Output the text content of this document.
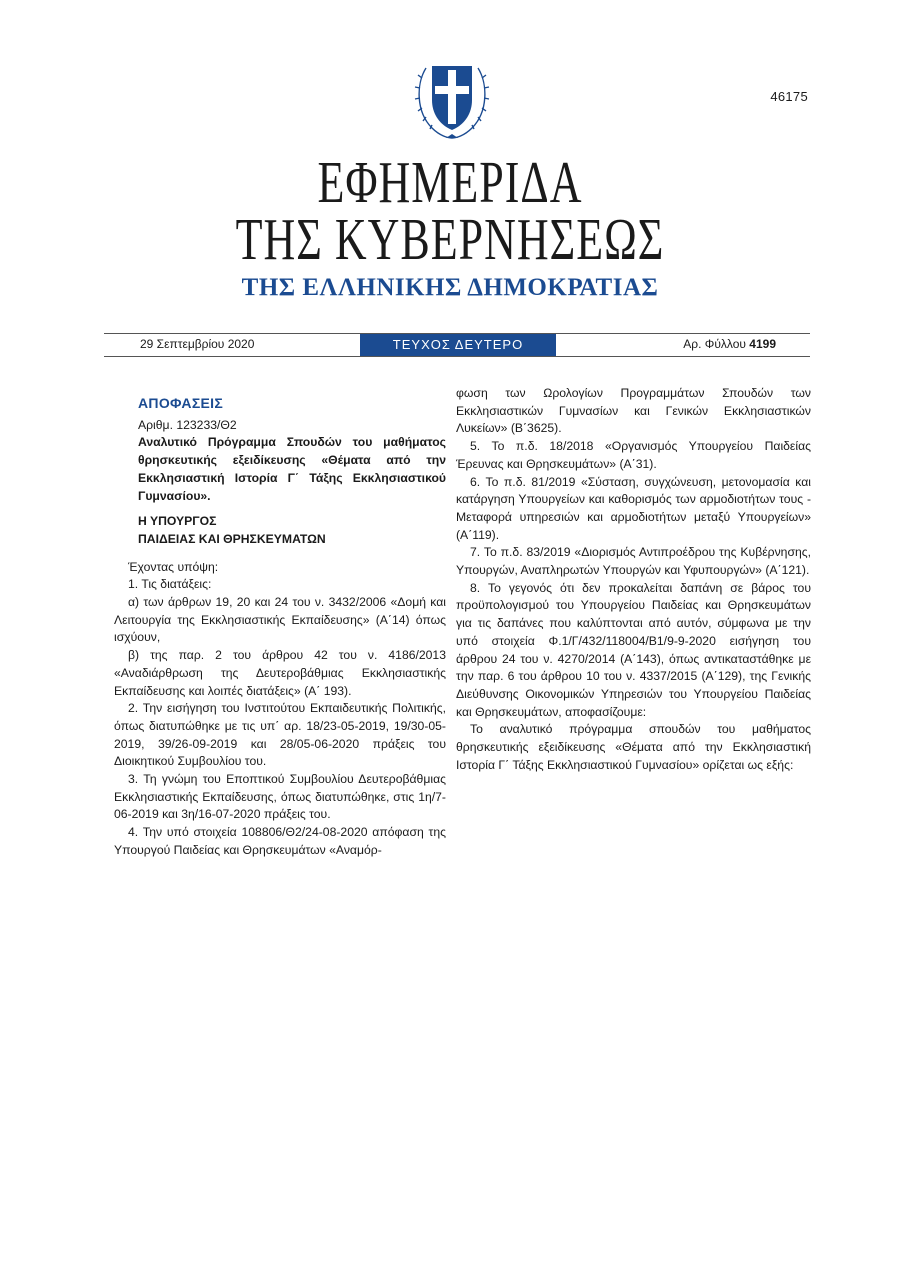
46175
ΕΦΗΜΕΡΙΔΑ
ΤΗΣ ΚΥΒΕΡΝΗΣΕΩΣ
ΤΗΣ ΕΛΛΗΝΙΚΗΣ ΔΗΜΟΚΡΑΤΙΑΣ
29 Σεπτεμβρίου 2020	ΤΕΥΧΟΣ ΔΕΥΤΕΡΟ	Αρ. Φύλλου 4199

ΑΠΟΦΑΣΕΙΣ

Αριθμ. 123233/Θ2

Αναλυτικό Πρόγραμμα Σπουδών του μαθήματος θρησκευτικής εξειδίκευσης «Θέματα από την Εκκλησιαστική Ιστορία Γ΄ Τάξης Εκκλησιαστικού Γυμνασίου».

Η ΥΠΟΥΡΓΟΣ

ΠΑΙΔΕΙΑΣ ΚΑΙ ΘΡΗΣΚΕΥΜΑΤΩΝ

Έχοντας υπόψη:

1. Τις διατάξεις:

α) των άρθρων 19, 20 και 24 του ν. 3432/2006 «Δομή και Λειτουργία της Εκκλησιαστικής Εκπαίδευσης» (Α΄14) όπως ισχύουν,

β) της παρ. 2 του άρθρου 42 του ν. 4186/2013 «Αναδιάρθρωση της Δευτεροβάθμιας Εκκλησιαστικής Εκπαίδευσης και λοιπές διατάξεις» (Α΄ 193).

2. Την εισήγηση του Ινστιτούτου Εκπαιδευτικής Πολιτικής, όπως διατυπώθηκε με τις υπ΄ αρ. 18/23-05-2019, 19/30-05-2019, 39/26-09-2019 και 28/05-06-2020 πράξεις του Διοικητικού Συμβουλίου του.

3. Τη γνώμη του Εποπτικού Συμβουλίου Δευτεροβάθμιας Εκκλησιαστικής Εκπαίδευσης, όπως διατυπώθηκε, στις 1η/7-06-2019 και 3η/16-07-2020 πράξεις του.

4. Την υπό στοιχεία 108806/Θ2/24-08-2020 απόφαση της Υπουργού Παιδείας και Θρησκευμάτων «Αναμόρ-

φωση των Ωρολογίων Προγραμμάτων Σπουδών των Εκκλησιαστικών Γυμνασίων και Γενικών Εκκλησιαστικών Λυκείων» (Β΄3625).

5. Το π.δ. 18/2018 «Οργανισμός Υπουργείου Παιδείας Έρευνας και Θρησκευμάτων» (Α΄31).

6. Το π.δ. 81/2019 «Σύσταση, συγχώνευση, μετονομασία και κατάργηση Υπουργείων και καθορισμός των αρμοδιοτήτων τους - Μεταφορά υπηρεσιών και αρμοδιοτήτων μεταξύ Υπουργείων» (Α΄119).

7. Το π.δ. 83/2019 «Διορισμός Αντιπροέδρου της Κυβέρνησης, Υπουργών, Αναπληρωτών Υπουργών και Υφυπουργών» (Α΄121).

8. Το γεγονός ότι δεν προκαλείται δαπάνη σε βάρος του προϋπολογισμού του Υπουργείου Παιδείας και Θρησκευμάτων για τις δαπάνες που καλύπτονται από αυτόν, σύμφωνα με την υπό στοιχεία Φ.1/Γ/432/118004/Β1/9-9-2020 εισήγηση του άρθρου 24 του ν. 4270/2014 (Α΄143), όπως αντικαταστάθηκε με την παρ. 6 του άρθρου 10 του ν. 4337/2015 (Α΄129), της Γενικής Διεύθυνσης Οικονομικών Υπηρεσιών του Υπουργείου Παιδείας και Θρησκευμάτων, αποφασίζουμε:

Το αναλυτικό πρόγραμμα σπουδών του μαθήματος θρησκευτικής εξειδίκευσης «Θέματα από την Εκκλησιαστική Ιστορία Γ΄ Τάξης Εκκλησιαστικού Γυμνασίου» ορίζεται ως εξής:
